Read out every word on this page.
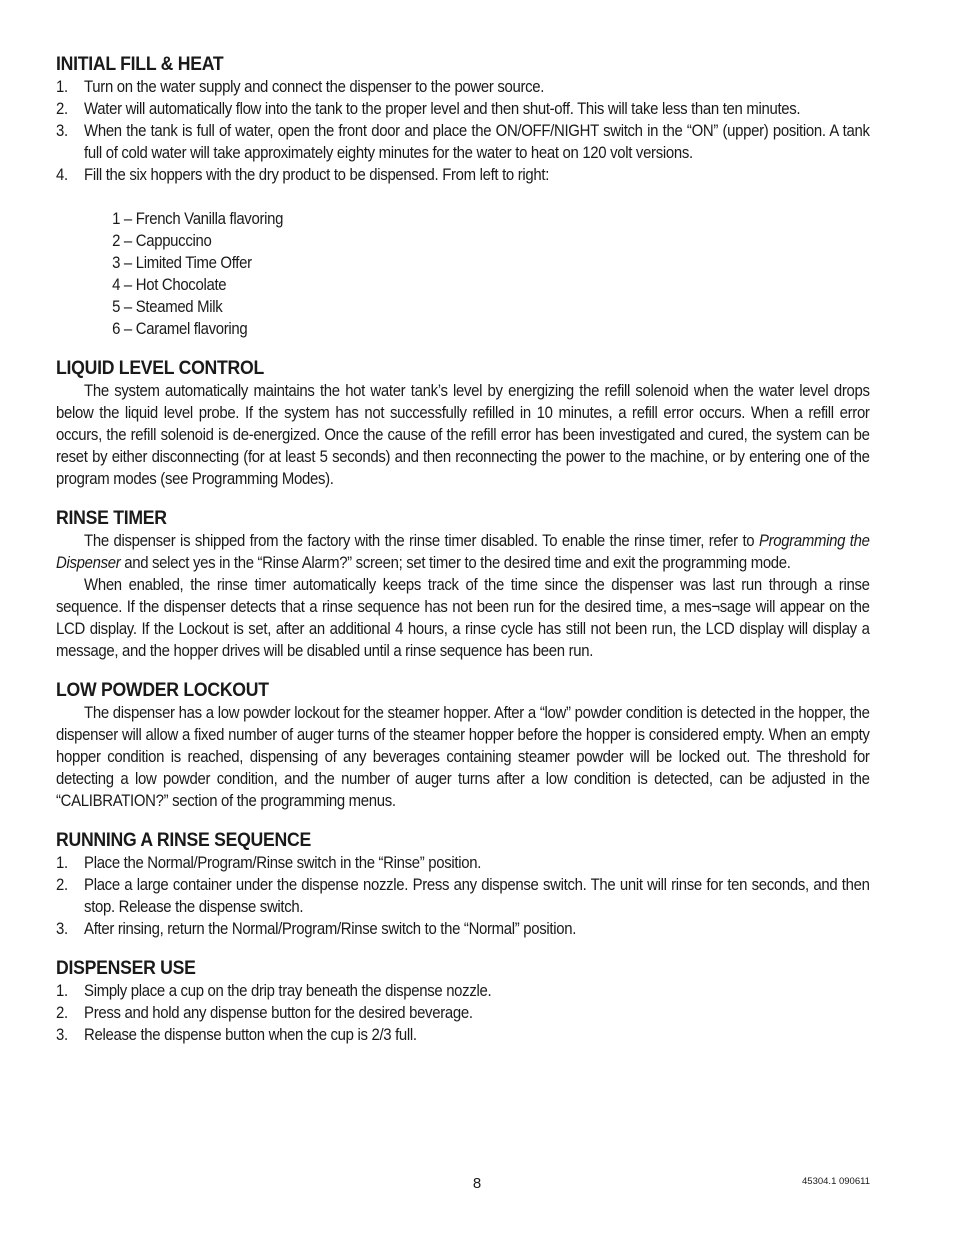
INITIAL FILL & HEAT
1. Turn on the water supply and connect the dispenser to the power source.
2. Water will automatically flow into the tank to the proper level and then shut-off. This will take less than ten minutes.
3. When the tank is full of water, open the front door and place the ON/OFF/NIGHT switch in the “ON” (upper) position. A tank full of cold water will take approximately eighty minutes for the water to heat on 120 volt versions.
4. Fill the six hoppers with the dry product to be dispensed. From left to right:
1 – French Vanilla flavoring
2 – Cappuccino
3 – Limited Time Offer
4 – Hot Chocolate
5 – Steamed Milk
6 – Caramel flavoring
LIQUID LEVEL CONTROL

The system automatically maintains the hot water tank’s level by energizing the refill solenoid when the water level drops below the liquid level probe. If the system has not successfully refilled in 10 minutes, a refill error occurs. When a refill error occurs, the refill solenoid is de-energized. Once the cause of the refill error has been investigated and cured, the system can be reset by either disconnecting (for at least 5 seconds) and then reconnecting the power to the machine, or by entering one of the program modes (see Programming Modes).

RINSE TIMER

The dispenser is shipped from the factory with the rinse timer disabled. To enable the rinse timer, refer to Programming the Dispenser and select yes in the “Rinse Alarm?” screen; set timer to the desired time and exit the programming mode.

When enabled, the rinse timer automatically keeps track of the time since the dispenser was last run through a rinse sequence. If the dispenser detects that a rinse sequence has not been run for the desired time, a mes¬sage will appear on the LCD display. If the Lockout is set, after an additional 4 hours, a rinse cycle has still not been run, the LCD display will display a message, and the hopper drives will be disabled until a rinse sequence has been run.

LOW POWDER LOCKOUT

The dispenser has a low powder lockout for the steamer hopper. After a “low” powder condition is detected in the hopper, the dispenser will allow a fixed number of auger turns of the steamer hopper before the hopper is considered empty. When an empty hopper condition is reached, dispensing of any beverages containing steamer powder will be locked out. The threshold for detecting a low powder condition, and the number of auger turns after a low condition is detected, can be adjusted in the “CALIBRATION?” section of the programming menus.

RUNNING A RINSE SEQUENCE
1. Place the Normal/Program/Rinse switch in the “Rinse” position.
2. Place a large container under the dispense nozzle. Press any dispense switch. The unit will rinse for ten seconds, and then stop. Release the dispense switch.
3. After rinsing, return the Normal/Program/Rinse switch to the “Normal” position.
DISPENSER USE
1. Simply place a cup on the drip tray beneath the dispense nozzle.
2. Press and hold any dispense button for the desired beverage.
3. Release the dispense button when the cup is 2/3 full.
8	45304.1 090611
